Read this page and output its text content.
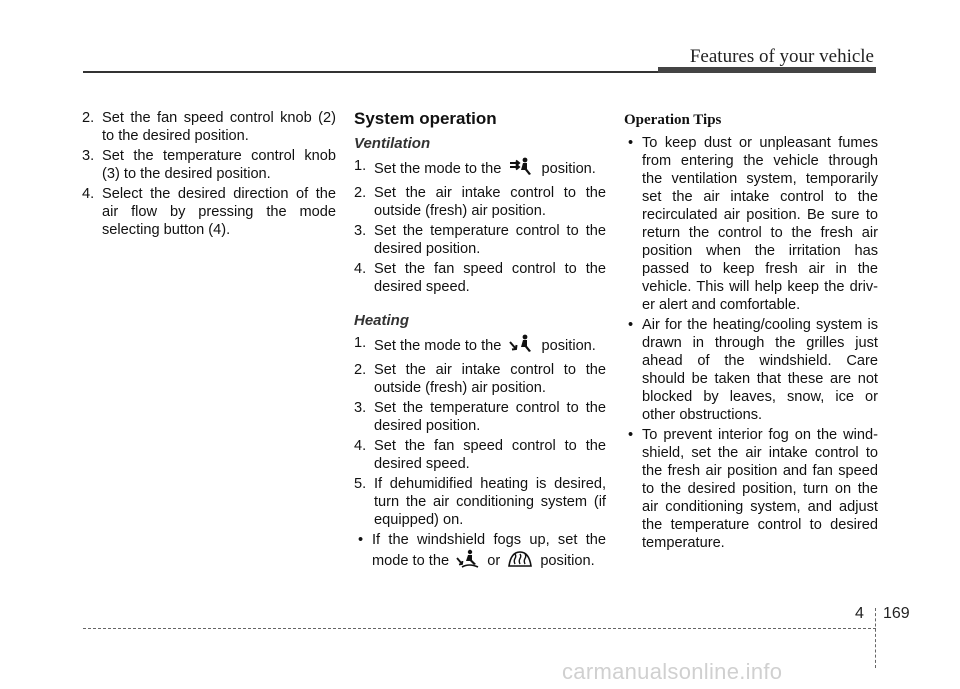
Features of your vehicle
2. Set the fan speed control knob (2) to the desired position.
3. Set the temperature control knob (3) to the desired position.
4. Select the desired direction of the air flow by pressing the mode selecting button (4).
System operation
Ventilation
1. Set the mode to the	position.
2. Set the air intake control to the outside (fresh) air position.
3. Set the temperature control to the desired position.
4. Set the fan speed control to the desired speed.
Heating
1. Set the mode to the	position.
2. Set the air intake control to the outside (fresh) air position.
3. Set the temperature control to the desired position.
4. Set the fan speed control to the desired speed.
5. If dehumidified heating is desired, turn the air conditioning system (if equipped) on.
• If the windshield fogs up, set the mode to the	or	position.
Operation Tips
• To keep dust or unpleasant fumes from entering the vehicle through the ventilation system, temporarily set the air intake control to the recirculated air position. Be sure to return the control to the fresh air position when the irritation has passed to keep fresh air in the vehicle. This will help keep the driv-er alert and comfortable.
• Air for the heating/cooling system is drawn in through the grilles just ahead of the windshield. Care should be taken that these are not blocked by leaves, snow, ice or other obstructions.
• To prevent interior fog on the wind-shield, set the air intake control to the fresh air position and fan speed to the desired position, turn on the air conditioning system, and adjust the temperature control to desired temperature.
4 169
carmanualsonline.info
